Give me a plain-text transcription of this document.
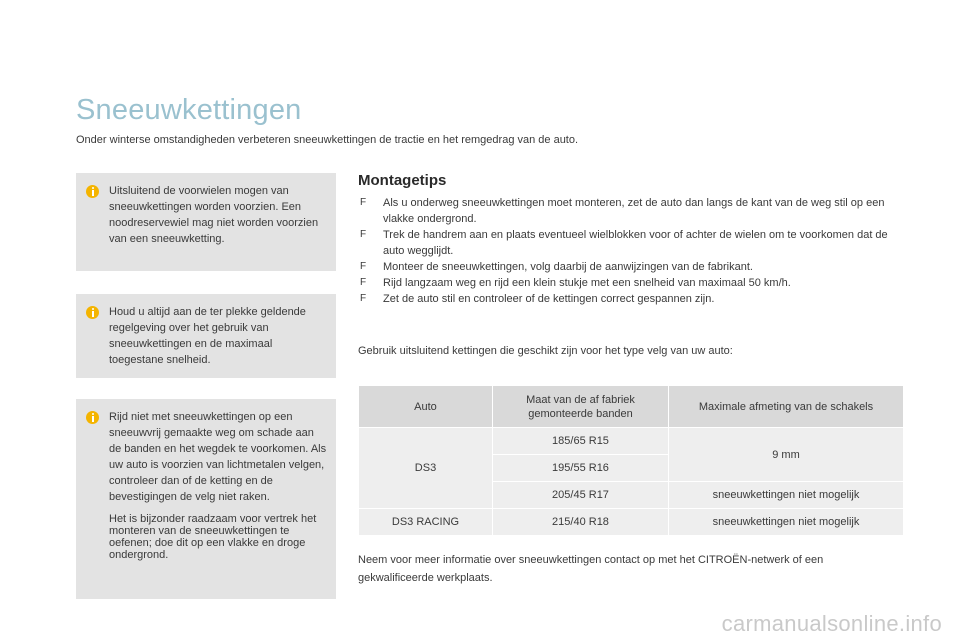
Sneeuwkettingen
Onder winterse omstandigheden verbeteren sneeuwkettingen de tractie en het remgedrag van de auto.

Uitsluitend de voorwielen mogen van sneeuwkettingen worden voorzien. Een noodreservewiel mag niet worden voorzien van een sneeuwketting.

Houd u altijd aan de ter plekke geldende regelgeving over het gebruik van sneeuwkettingen en de maximaal toegestane snelheid.

Rijd niet met sneeuwkettingen op een sneeuwvrij gemaakte weg om schade aan de banden en het wegdek te voorkomen. Als uw auto is voorzien van lichtmetalen velgen, controleer dan of de ketting en de bevestigingen de velg niet raken.

Het is bijzonder raadzaam voor vertrek het monteren van de sneeuwkettingen te oefenen; doe dit op een vlakke en droge ondergrond.

Montagetips
F Als u onderweg sneeuwkettingen moet monteren, zet de auto dan langs de kant van de weg stil op een vlakke ondergrond.
F Trek de handrem aan en plaats eventueel wielblokken voor of achter de wielen om te voorkomen dat de auto wegglijdt.
F Monteer de sneeuwkettingen, volg daarbij de aanwijzingen van de fabrikant.
F Rijd langzaam weg en rijd een klein stukje met een snelheid van maximaal 50 km/h.
F Zet de auto stil en controleer of de kettingen correct gespannen zijn.
Gebruik uitsluitend kettingen die geschikt zijn voor het type velg van uw auto:
Auto	Maat van de af fabriek gemonteerde banden	Maximale afmeting van de schakels
DS3	185/65 R15	9 mm
	195/55 R16	
	205/45 R17	sneeuwkettingen niet mogelijk
DS3 RACING	215/40 R18	sneeuwkettingen niet mogelijk
Neem voor meer informatie over sneeuwkettingen contact op met het CITROËN-netwerk of een gekwalificeerde werkplaats.
carmanualsonline.info
